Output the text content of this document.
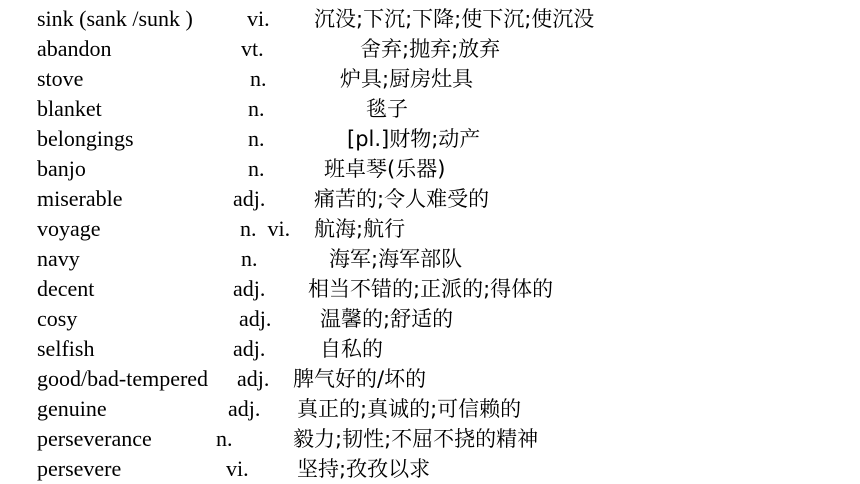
sink (sank /sunk ) vi. 沉没;下沉;下降;使下沉;使沉没
abandon	vt.	舍弃;抛弃;放弃
stove	n.	炉具;厨房灶具
blanket	n.	毯子
belongings	n.	[pl.]财物;动产
banjo	n.	班卓琴(乐器)
miserable	adj. 痛苦的;令人难受的
voyage	n.  vi. 航海;航行
navy	n.	海军;海军部队
decent	adj. 相当不错的;正派的;得体的
cosy	adj. 温馨的;舒适的
selfish	adj.	自私的
good/bad-tempered adj. 脾气好的/坏的
genuine	adj. 真正的;真诚的;可信赖的
perseverance	n.	毅力;韧性;不屈不挠的精神
persevere	vi. 坚持;孜孜以求
